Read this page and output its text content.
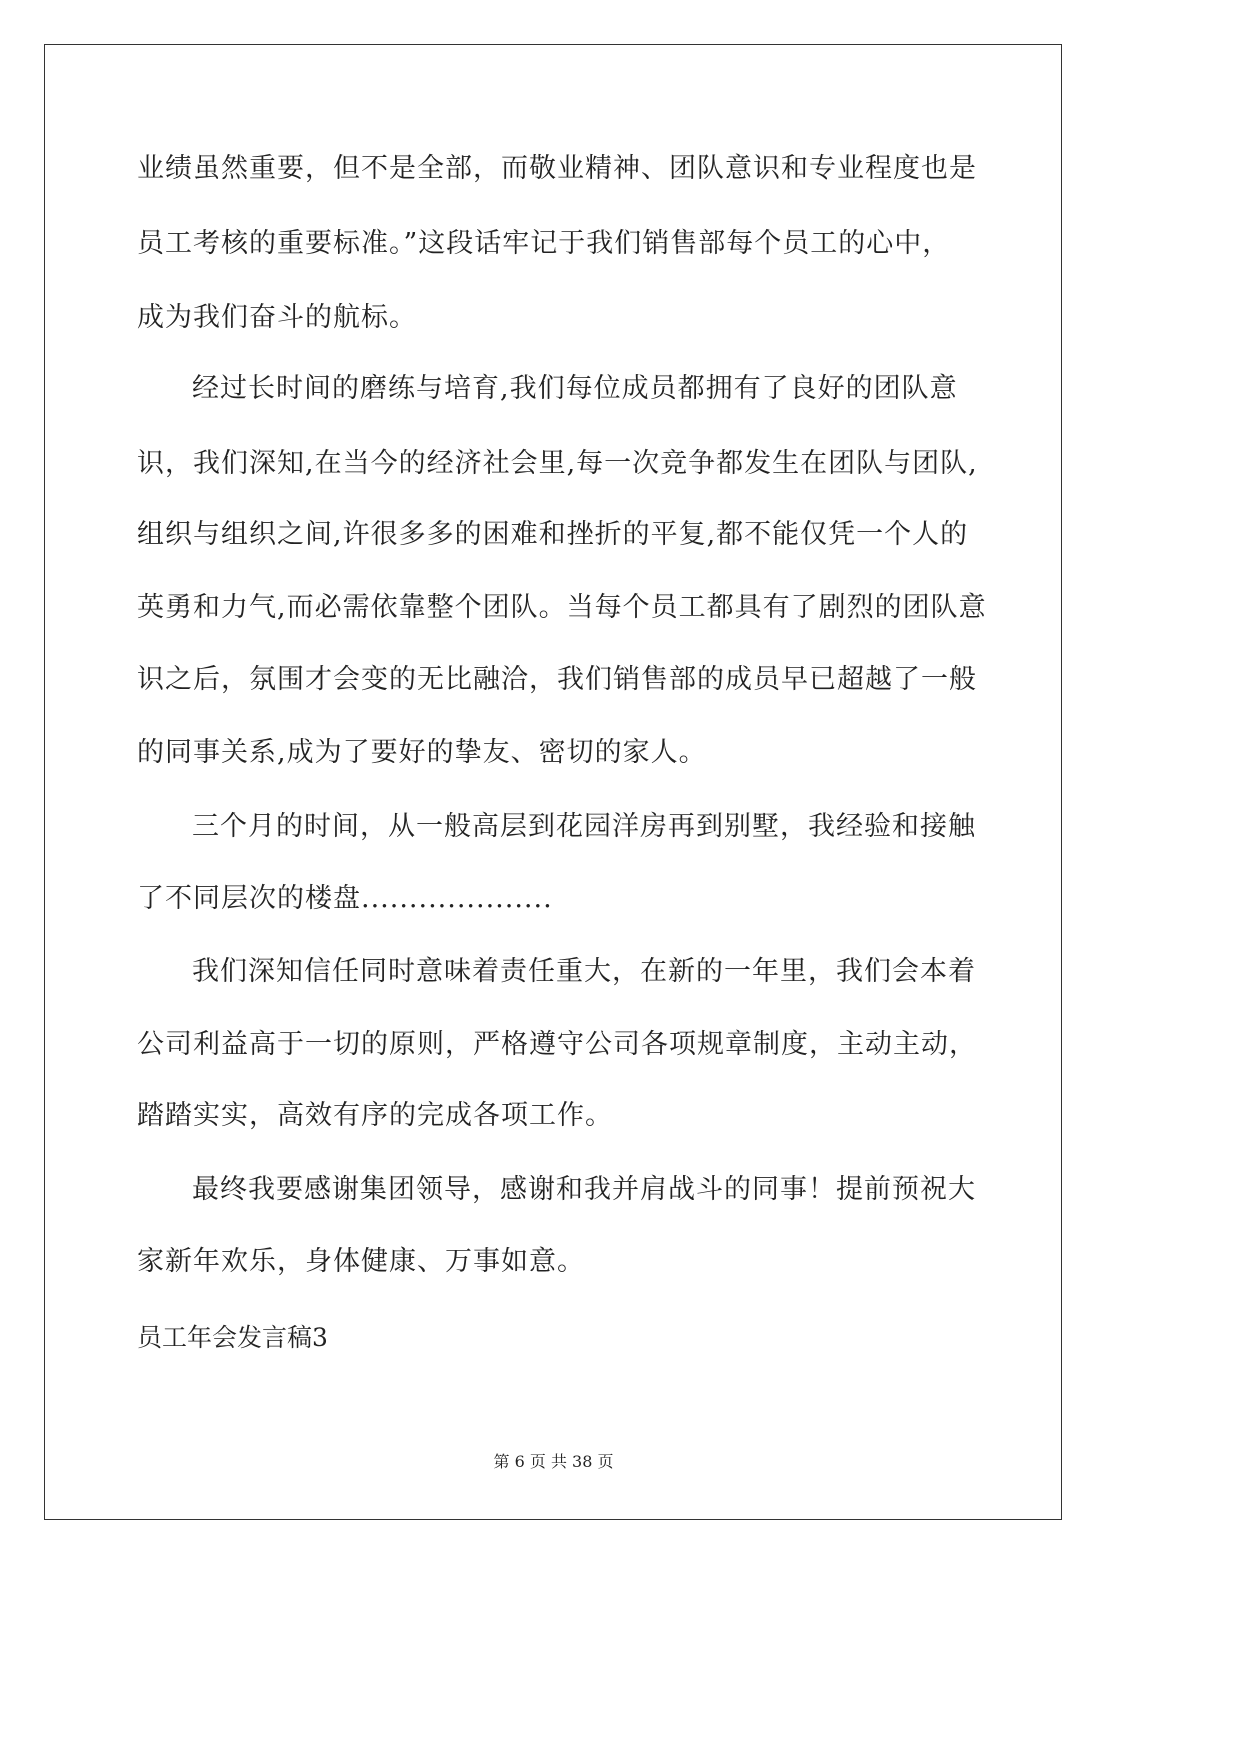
业绩虽然重要，但不是全部，而敬业精神、团队意识和专业程度也是
员工考核的重要标准。”这段话牢记于我们销售部每个员工的心中，
成为我们奋斗的航标。
经过长时间的磨练与培育,我们每位成员都拥有了良好的团队意
识，我们深知,在当今的经济社会里,每一次竞争都发生在团队与团队,
组织与组织之间,许很多多的困难和挫折的平复,都不能仅凭一个人的
英勇和力气,而必需依靠整个团队。当每个员工都具有了剧烈的团队意
识之后，氛围才会变的无比融洽，我们销售部的成员早已超越了一般
的同事关系,成为了要好的挚友、密切的家人。
三个月的时间，从一般高层到花园洋房再到别墅，我经验和接触
了不同层次的楼盘....................
我们深知信任同时意味着责任重大，在新的一年里，我们会本着
公司利益高于一切的原则，严格遵守公司各项规章制度，主动主动，
踏踏实实，高效有序的完成各项工作。
最终我要感谢集团领导，感谢和我并肩战斗的同事！提前预祝大
家新年欢乐，身体健康、万事如意。
员工年会发言稿3
第 6 页 共 38 页
